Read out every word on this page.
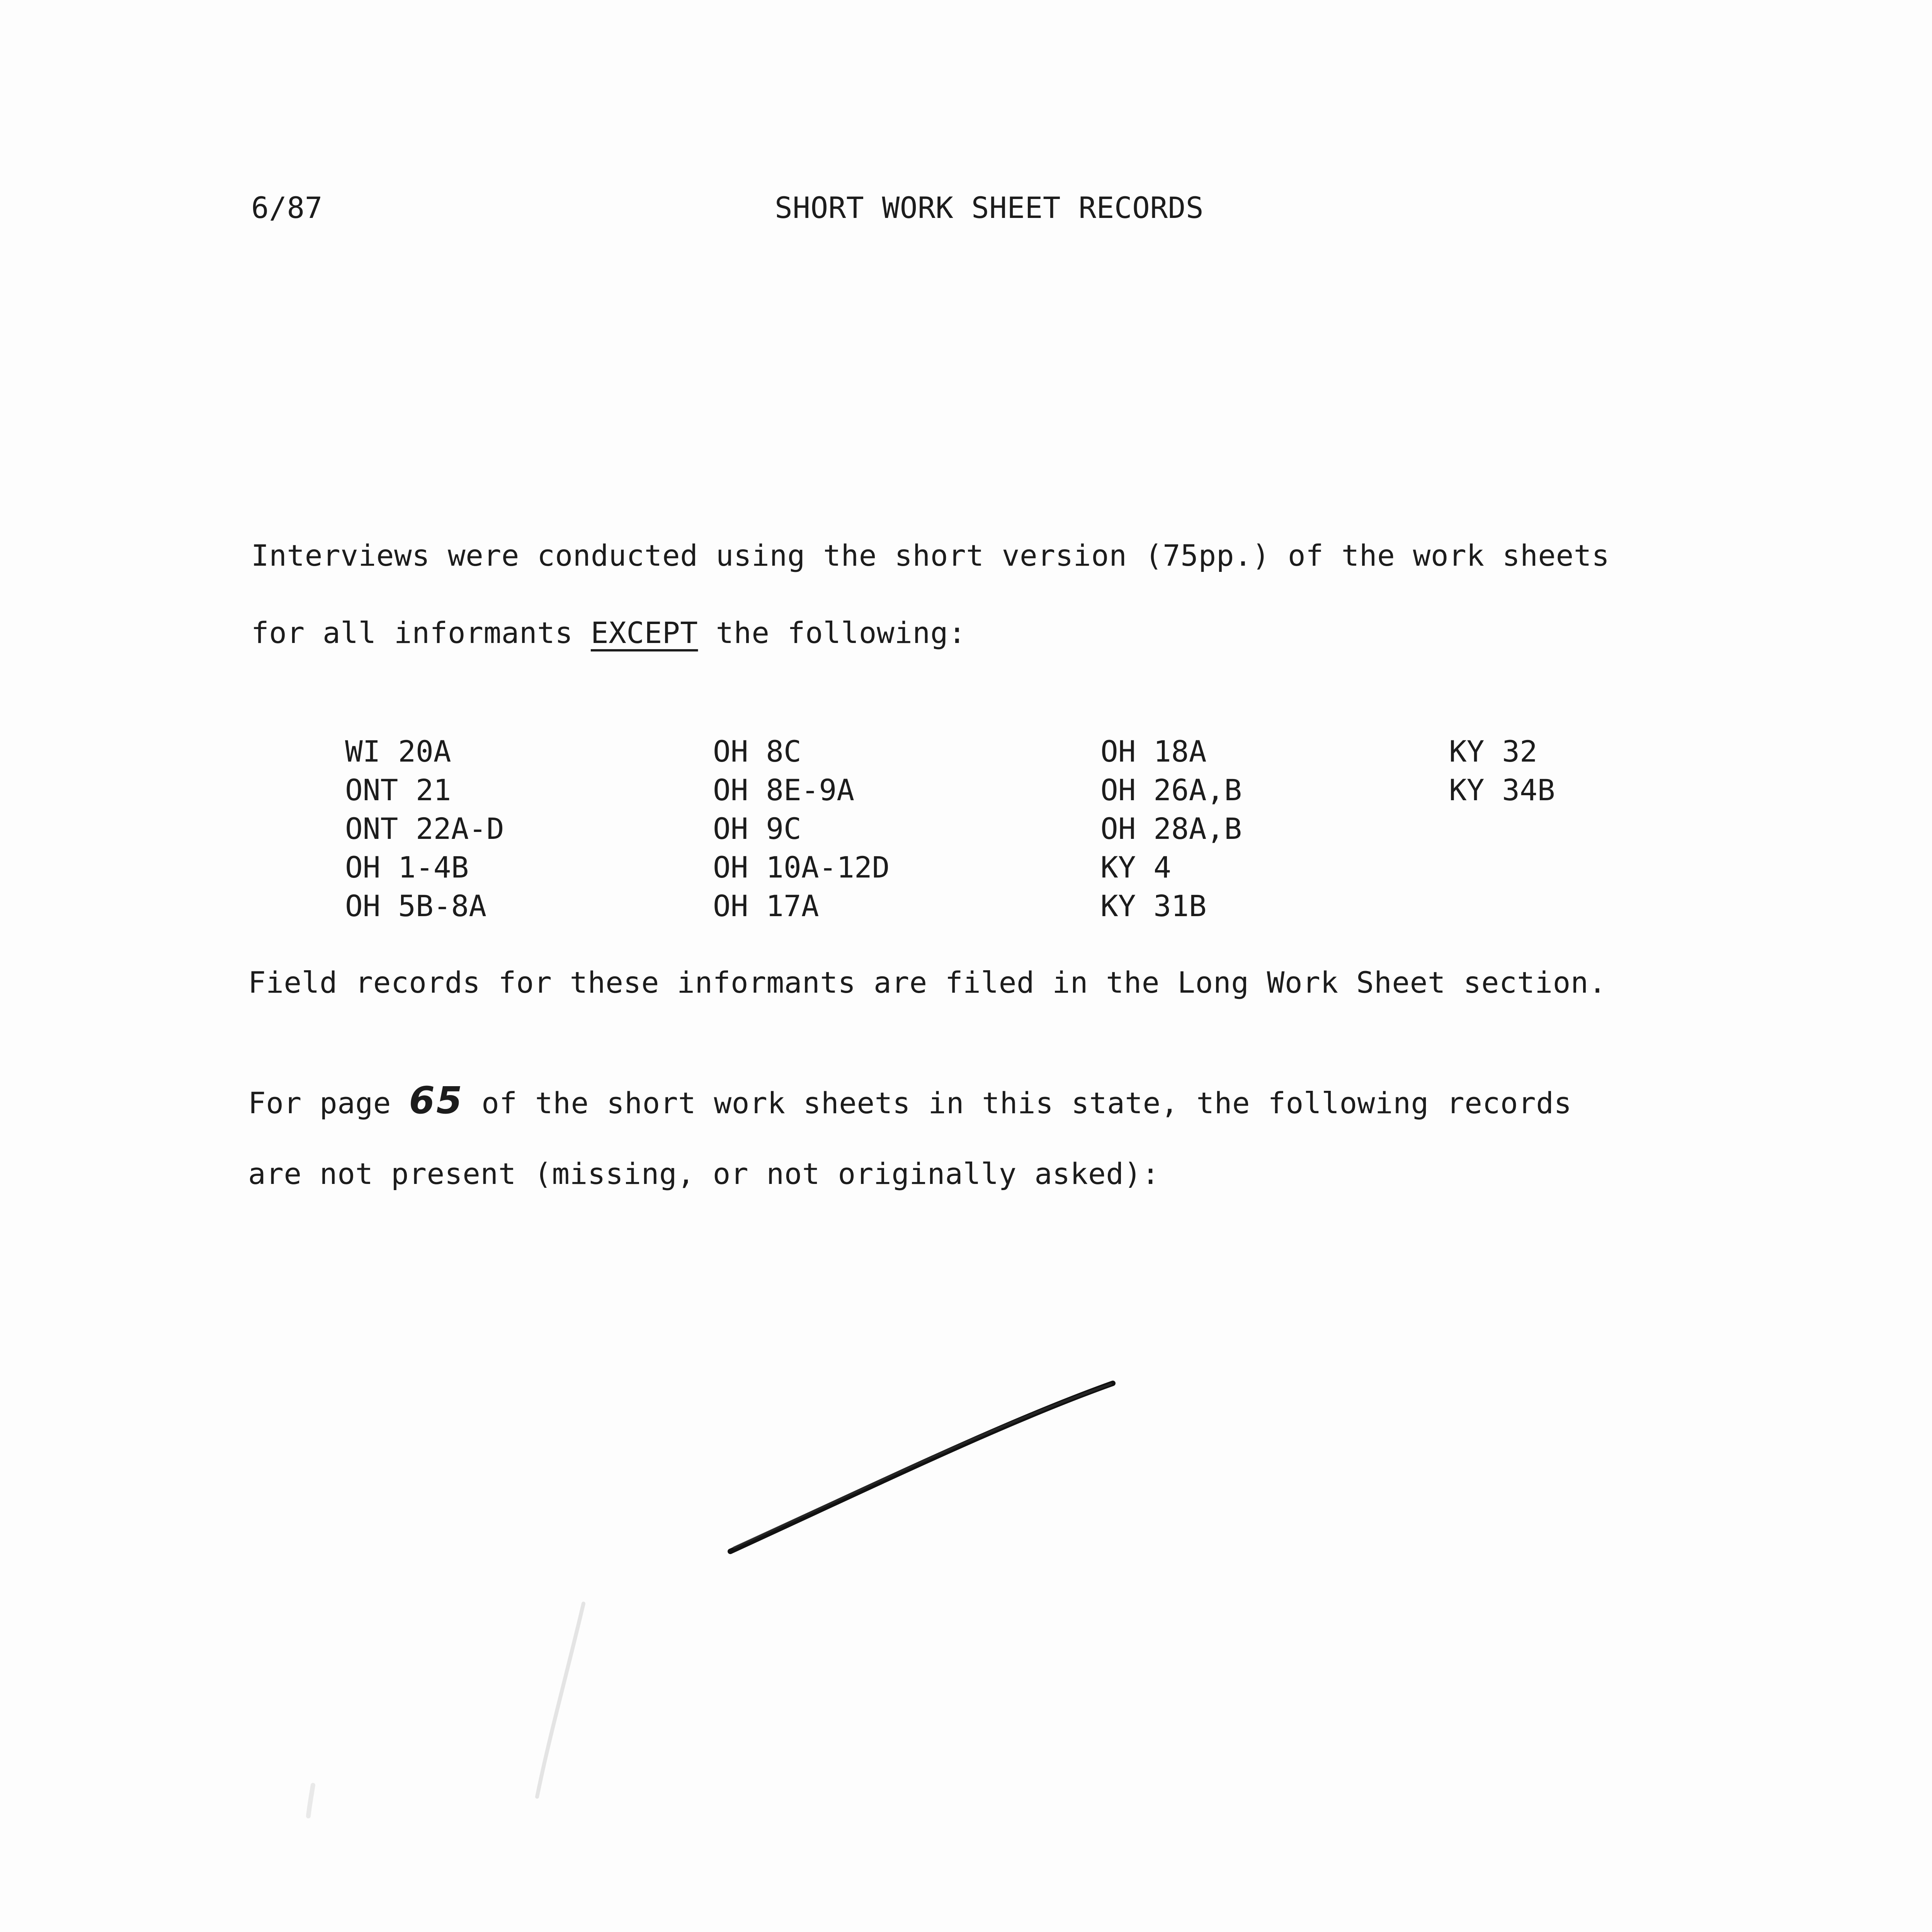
6/87	SHORT WORK SHEET RECORDS
Interviews were conducted using the short version (75pp.) of the work sheets
for all informants EXCEPT the following:
WI 20A
ONT 21
ONT 22A-D
OH 1-4B
OH 5B-8A
OH 8C
OH 8E-9A
OH 9C
OH 10A-12D
OH 17A
OH 18A
OH 26A,B
OH 28A,B
KY 4
KY 31B
KY 32
KY 34B
Field records for these informants are filed in the Long Work Sheet section.
For page 65 of the short work sheets in this state, the following records
are not present (missing, or not originally asked):
